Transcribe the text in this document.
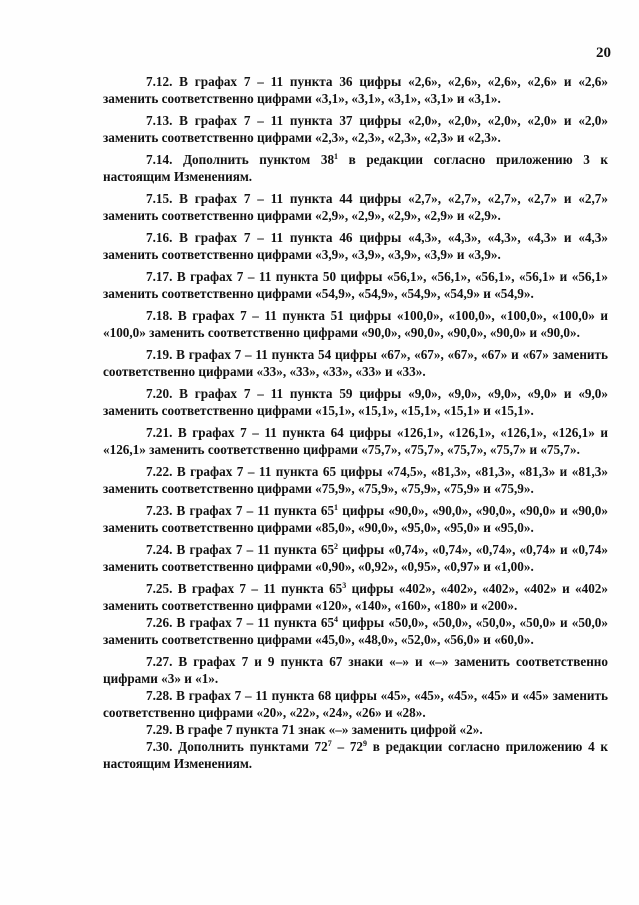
20

7.12. В графах 7 – 11 пункта 36 цифры «2,6», «2,6», «2,6», «2,6» и «2,6» заменить соответственно цифрами «3,1», «3,1», «3,1», «3,1» и «3,1».

7.13. В графах 7 – 11 пункта 37 цифры «2,0», «2,0», «2,0», «2,0» и «2,0» заменить соответственно цифрами «2,3», «2,3», «2,3», «2,3» и «2,3».

7.14. Дополнить пунктом $38^1$ в редакции согласно приложению 3 к настоящим Изменениям.

7.15. В графах 7 – 11 пункта 44 цифры «2,7», «2,7», «2,7», «2,7» и «2,7» заменить соответственно цифрами «2,9», «2,9», «2,9», «2,9» и «2,9».

7.16. В графах 7 – 11 пункта 46 цифры «4,3», «4,3», «4,3», «4,3» и «4,3» заменить соответственно цифрами «3,9», «3,9», «3,9», «3,9» и «3,9».

7.17. В графах 7 – 11 пункта 50 цифры «56,1», «56,1», «56,1», «56,1» и «56,1» заменить соответственно цифрами «54,9», «54,9», «54,9», «54,9» и «54,9».

7.18. В графах 7 – 11 пункта 51 цифры «100,0», «100,0», «100,0», «100,0» и «100,0» заменить соответственно цифрами «90,0», «90,0», «90,0», «90,0» и «90,0».

7.19. В графах 7 – 11 пункта 54 цифры «67», «67», «67», «67» и «67» заменить соответственно цифрами «33», «33», «33», «33» и «33».

7.20. В графах 7 – 11 пункта 59 цифры «9,0», «9,0», «9,0», «9,0» и «9,0» заменить соответственно цифрами «15,1», «15,1», «15,1», «15,1» и «15,1».

7.21. В графах 7 – 11 пункта 64 цифры «126,1», «126,1», «126,1», «126,1» и «126,1» заменить соответственно цифрами «75,7», «75,7», «75,7», «75,7» и «75,7».

7.22. В графах 7 – 11 пункта 65 цифры «74,5», «81,3», «81,3», «81,3» и «81,3» заменить соответственно цифрами «75,9», «75,9», «75,9», «75,9» и «75,9».

7.23. В графах 7 – 11 пункта $65^1$ цифры «90,0», «90,0», «90,0», «90,0» и «90,0» заменить соответственно цифрами «85,0», «90,0», «95,0», «95,0» и «95,0».

7.24. В графах 7 – 11 пункта $65^2$ цифры «0,74», «0,74», «0,74», «0,74» и «0,74» заменить соответственно цифрами «0,90», «0,92», «0,95», «0,97» и «1,00».

7.25. В графах 7 – 11 пункта $65^3$ цифры «402», «402», «402», «402» и «402» заменить соответственно цифрами «120», «140», «160», «180» и «200».

7.26. В графах 7 – 11 пункта $65^4$ цифры «50,0», «50,0», «50,0», «50,0» и «50,0» заменить соответственно цифрами «45,0», «48,0», «52,0», «56,0» и «60,0».

7.27. В графах 7 и 9 пункта 67 знаки «–» и «–» заменить соответственно цифрами «3» и «1».

7.28. В графах 7 – 11 пункта 68 цифры «45», «45», «45», «45» и «45» заменить соответственно цифрами «20», «22», «24», «26» и «28».

7.29. В графе 7 пункта 71 знак «–» заменить цифрой «2».

7.30. Дополнить пунктами $72^7 - 72^9$ в редакции согласно приложению 4 к настоящим Изменениям.
